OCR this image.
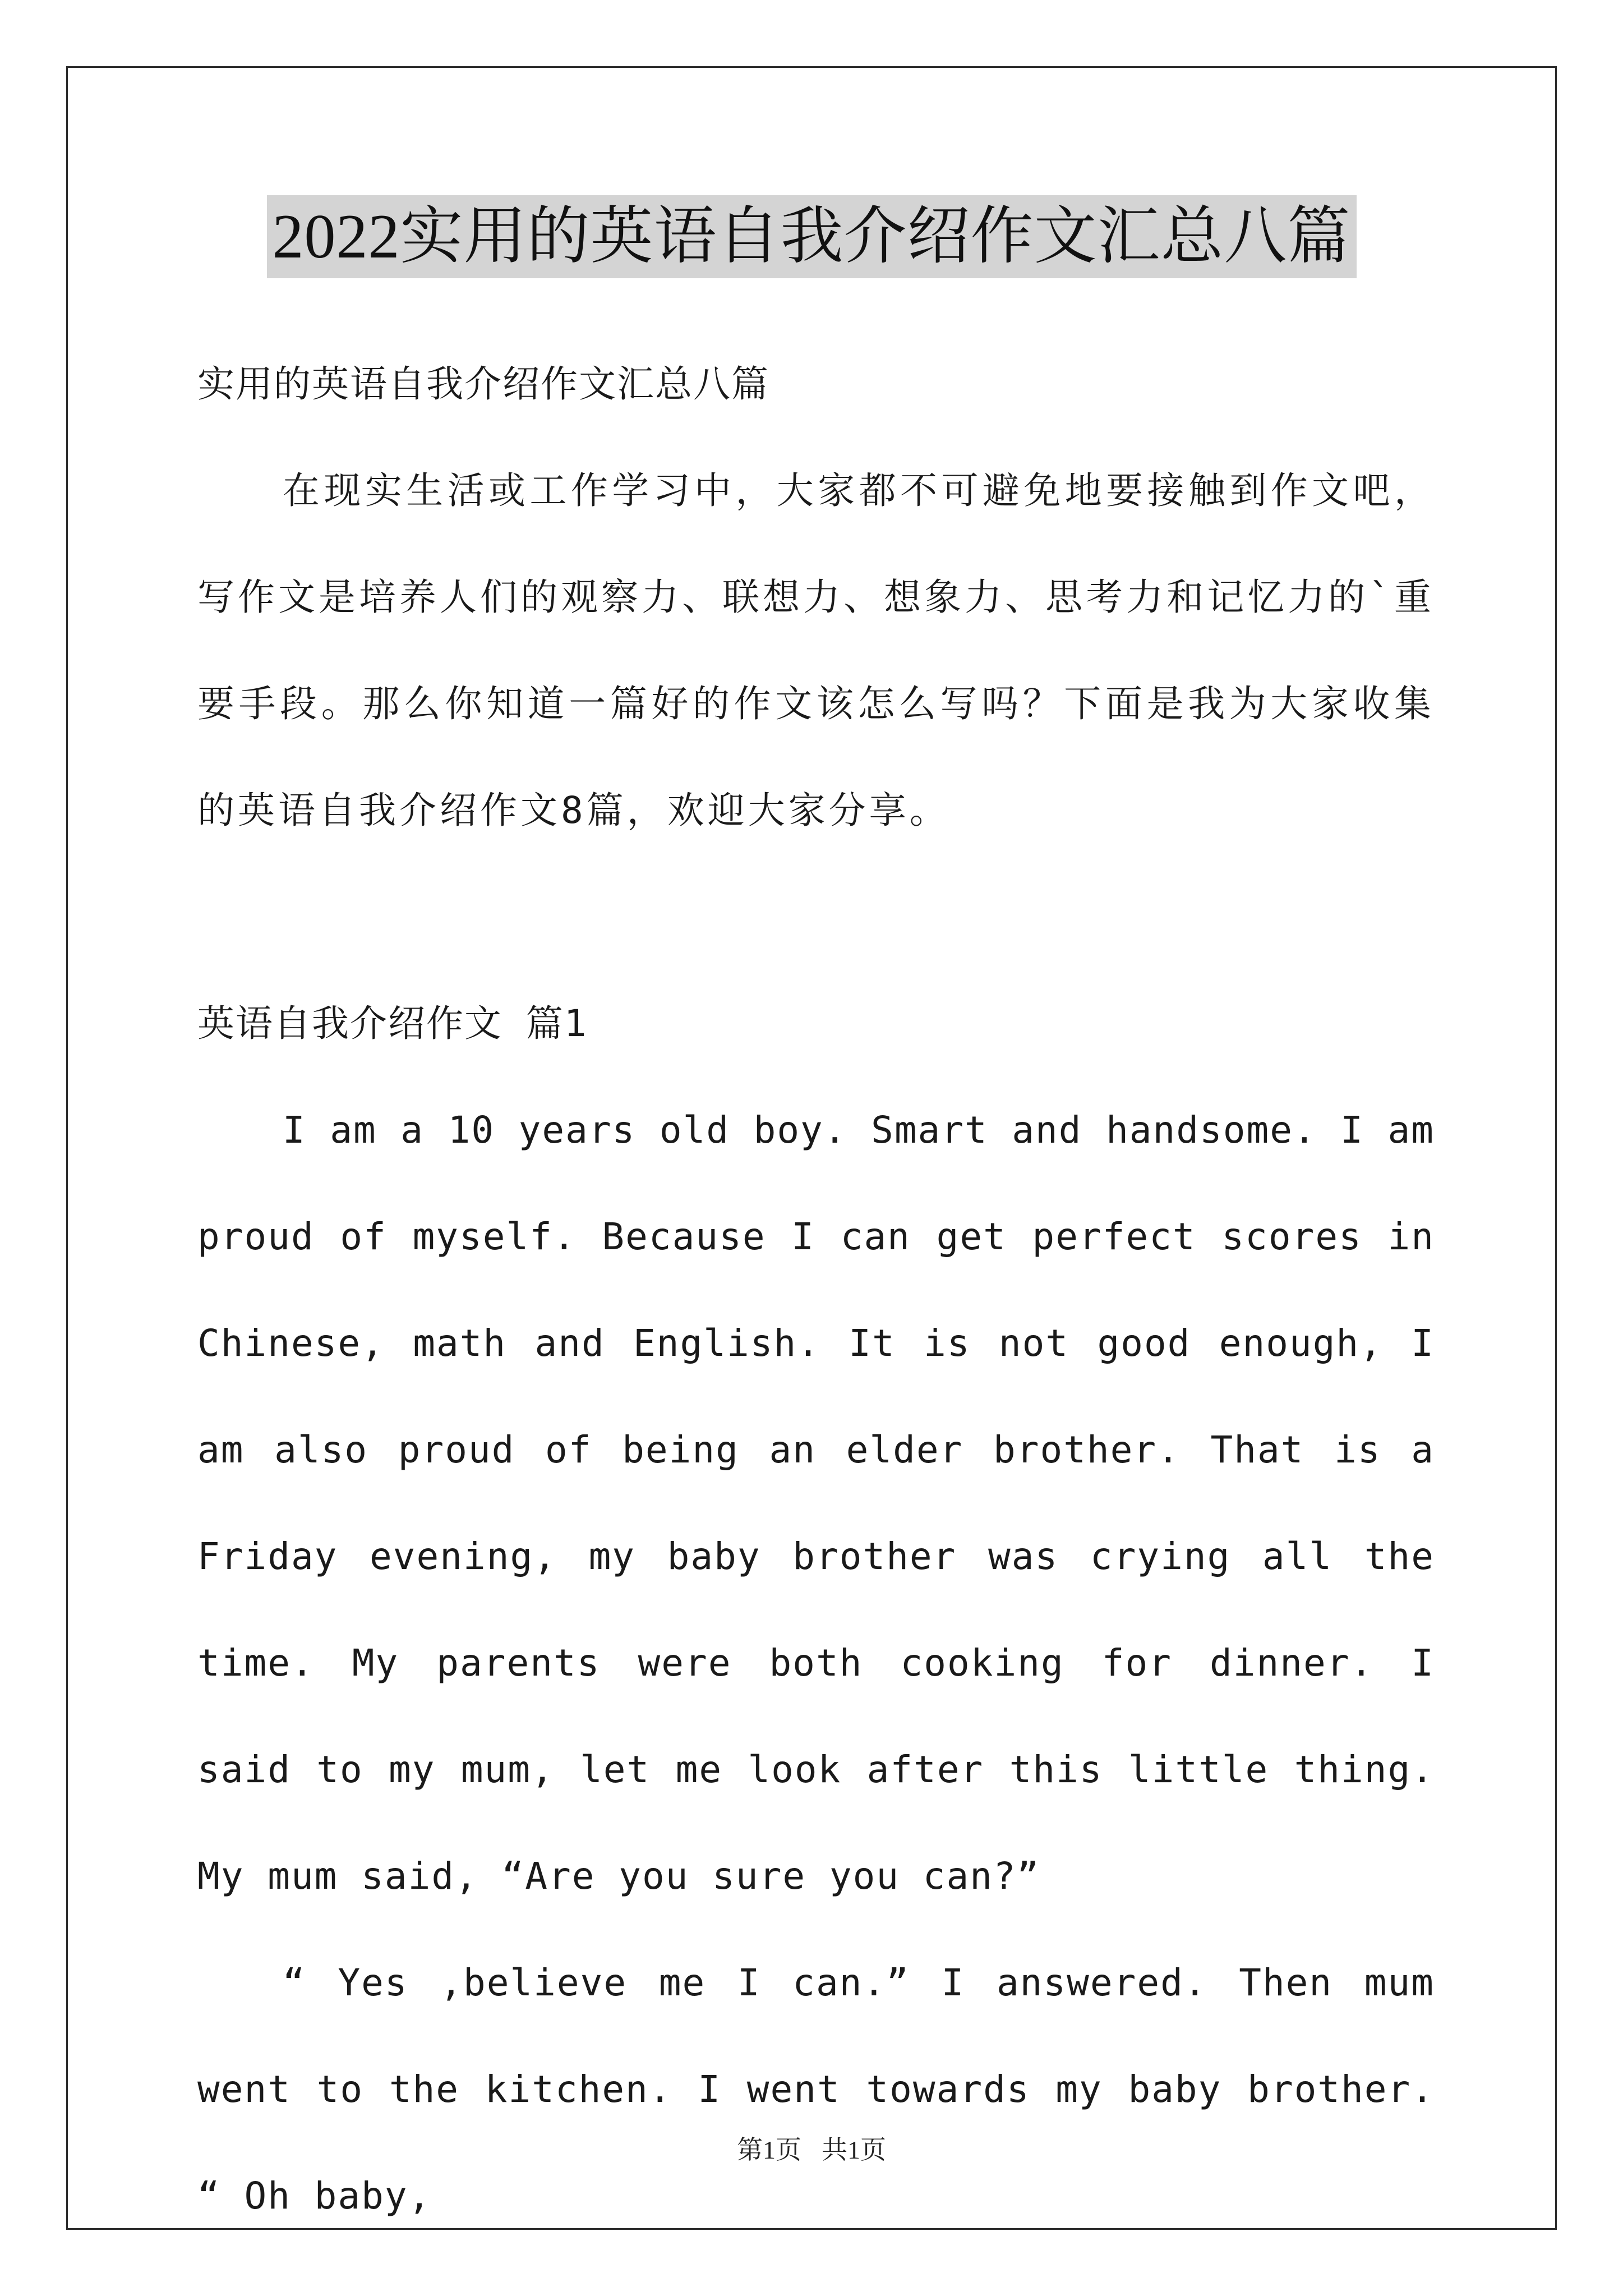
2022实用的英语自我介绍作文汇总八篇

实用的英语自我介绍作文汇总八篇

在现实生活或工作学习中，大家都不可避免地要接触到作文吧，写作文是培养人们的观察力、联想力、想象力、思考力和记忆力的`重要手段。那么你知道一篇好的作文该怎么写吗？下面是我为大家收集的英语自我介绍作文8篇，欢迎大家分享。

英语自我介绍作文 篇1

I am a 10 years old boy. Smart and handsome. I am proud of myself. Because I can get perfect scores in Chinese, math and English. It is not good enough, I am also proud of being an elder brother. That is a Friday evening, my baby brother was crying all the time. My parents were both cooking for dinner. I said to my mum, let me look after this little thing. My mum said, “Are you sure you can?”

“ Yes ,believe me I can.” I answered. Then mum went to the kitchen. I went towards my baby brother. “ Oh baby,

第1页 共1页
